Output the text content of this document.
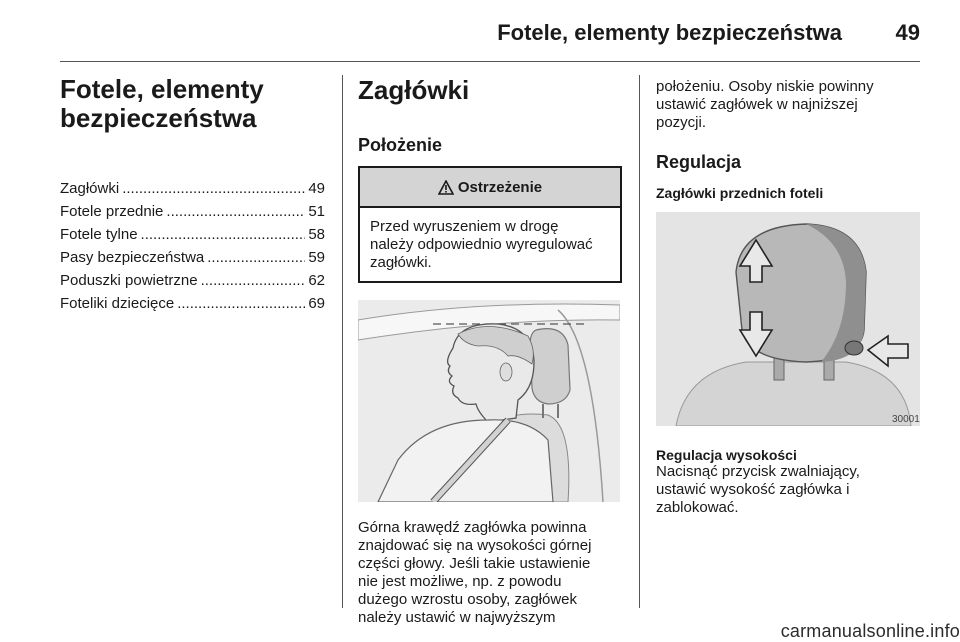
Fotele, elementy bezpieczeństwa 49
Fotele, elementy
bezpieczeństwa
Zagłówki .....	49
Fotele przednie .....	51
Fotele tylne .....	58
Pasy bezpieczeństwa .....	59
Poduszki powietrzne .....	62
Foteliki dziecięce .....	69
Zagłówki
Położenie
Ostrzeżenie
Przed wyruszeniem w drogę
należy odpowiednio wyregulować
zagłówki.

Górna krawędź zagłówka powinna
znajdować się na wysokości górnej
części głowy. Jeśli takie ustawienie
nie jest możliwe, np. z powodu
dużego wzrostu osoby, zagłówek
należy ustawić w najwyższym

położeniu. Osoby niskie powinny
ustawić zagłówek w najniższej
pozycji.

Regulacja

Zagłówki przednich foteli

30001

Regulacja wysokości

Nacisnąć przycisk zwalniający,
ustawić wysokość zagłówka i
zablokować.

carmanualsonline.info
